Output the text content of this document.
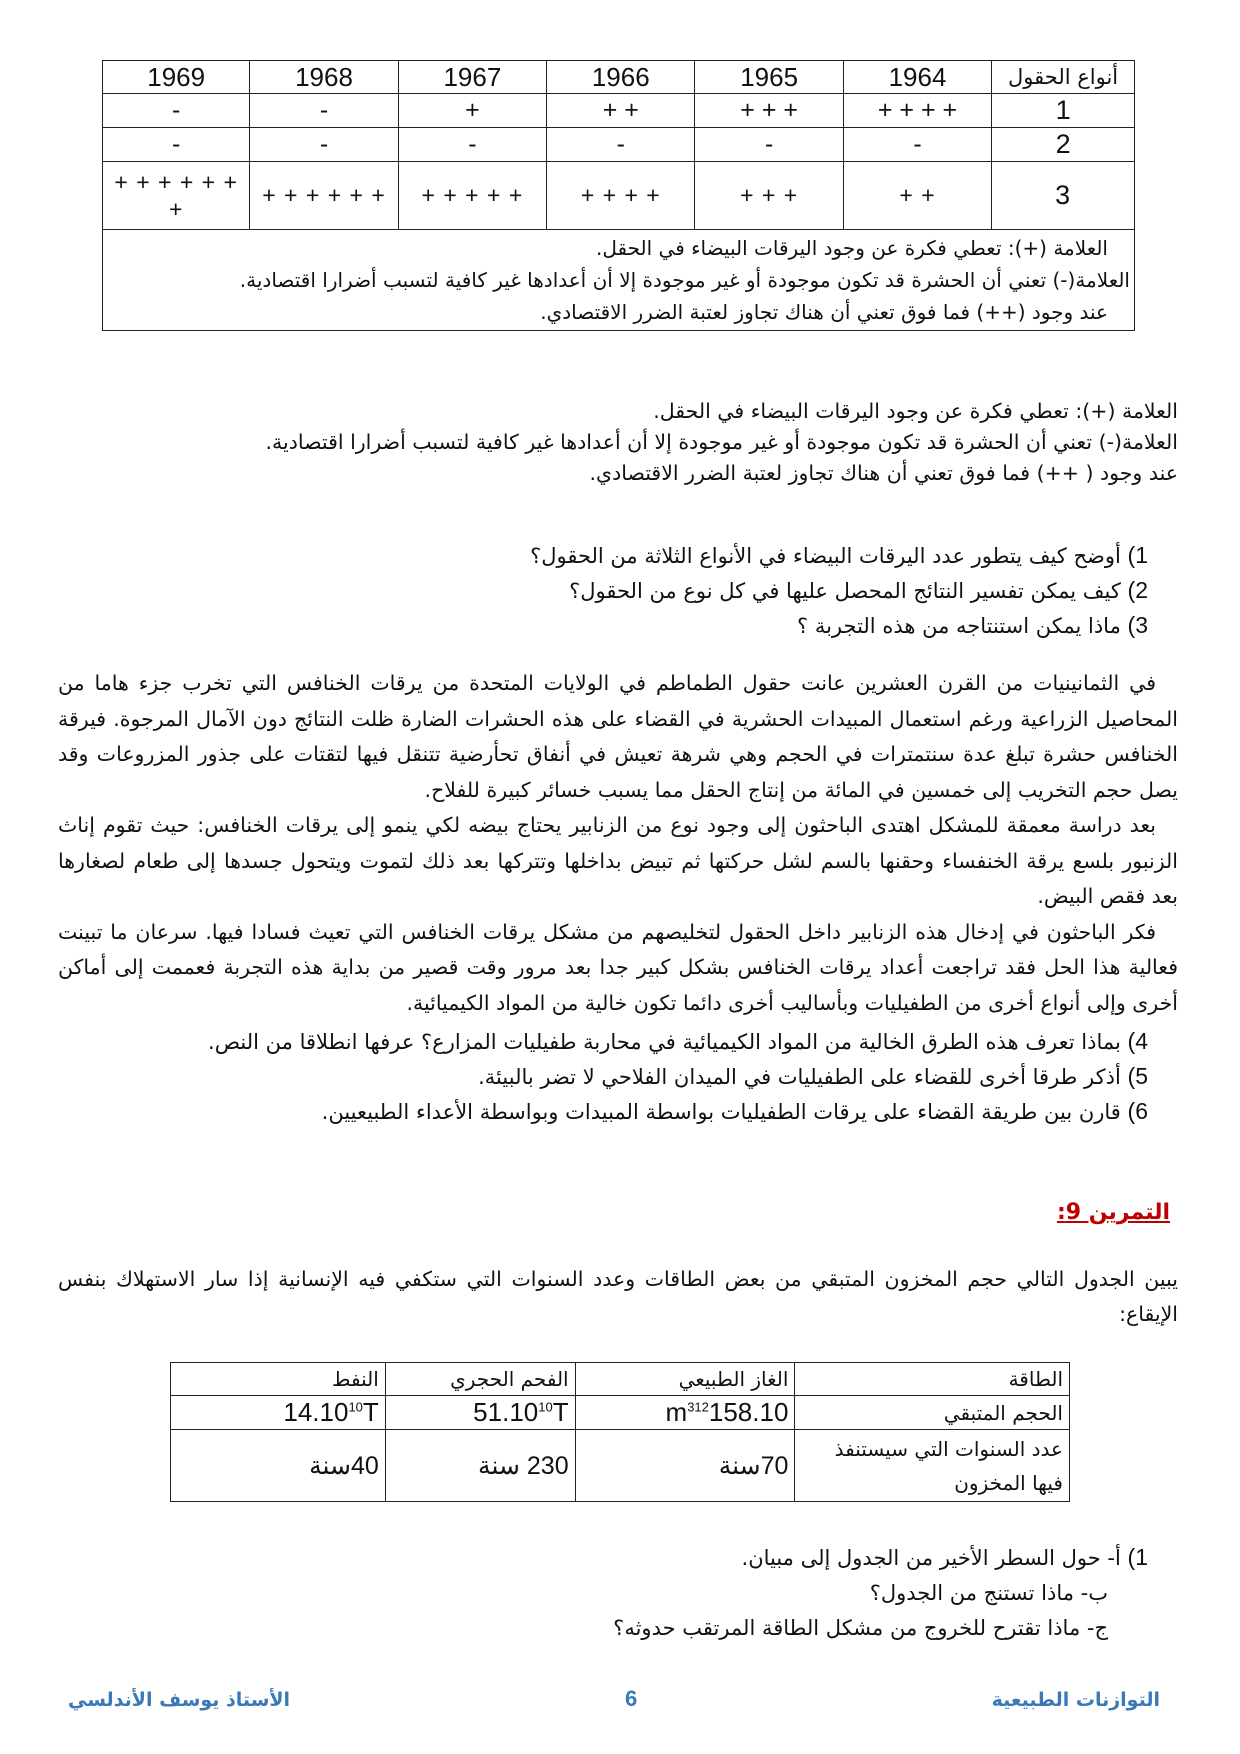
أنواع الحقول	1964	1965	1966	1967	1968	1969
1	+ + + +	+ + +	+ +	+	-	-
2	-	-	-	-	-	-
3	+ +	+ + +	+ + + +	+ + + + +	+ + + + + +	+ + + + + + +

العلامة (+): تعطي فكرة عن وجود اليرقات البيضاء في الحقل.

العلامة(-) تعني أن الحشرة قد تكون موجودة أو غير موجودة إلا أن أعدادها غير كافية لتسبب أضرارا اقتصادية.

عند وجود (++) فما فوق تعني أن هناك تجاوز لعتبة الضرر الاقتصادي.						

العلامة (+): تعطي فكرة عن وجود اليرقات البيضاء في الحقل.

العلامة(-) تعني أن الحشرة قد تكون موجودة أو غير موجودة إلا أن أعدادها غير كافية لتسبب أضرارا اقتصادية.

عند وجود ( ++) فما فوق تعني أن هناك تجاوز لعتبة الضرر الاقتصادي.

1) أوضح كيف يتطور عدد اليرقات البيضاء في الأنواع الثلاثة من الحقول؟
2) كيف يمكن تفسير النتائج المحصل عليها في كل نوع من الحقول؟
3) ماذا يمكن استنتاجه من هذه التجربة ؟

في الثمانينيات من القرن العشرين عانت حقول الطماطم في الولايات المتحدة من يرقات الخنافس التي تخرب جزء هاما من المحاصيل الزراعية ورغم استعمال المبيدات الحشرية في القضاء على هذه الحشرات الضارة ظلت النتائج دون الآمال المرجوة. فيرقة الخنافس حشرة تبلغ عدة سنتمترات في الحجم وهي شرهة تعيش في أنفاق تحأرضية تتنقل فيها لتقتات على جذور المزروعات وقد يصل حجم التخريب إلى خمسين في المائة من إنتاج الحقل مما يسبب خسائر كبيرة للفلاح.

بعد دراسة معمقة للمشكل اهتدى الباحثون إلى وجود نوع من الزنابير يحتاج بيضه لكي ينمو إلى يرقات الخنافس: حيث تقوم إناث الزنبور بلسع يرقة الخنفساء وحقنها بالسم لشل حركتها ثم تبيض بداخلها وتتركها بعد ذلك لتموت ويتحول جسدها إلى طعام لصغارها بعد فقص البيض.

فكر الباحثون في إدخال هذه الزنابير داخل الحقول لتخليصهم من مشكل يرقات الخنافس التي تعيث فسادا فيها. سرعان ما تبينت فعالية هذا الحل فقد تراجعت أعداد يرقات الخنافس بشكل كبير جدا بعد مرور وقت قصير من بداية هذه التجربة فعممت إلى أماكن أخرى وإلى أنواع أخرى من الطفيليات وبأساليب أخرى دائما تكون خالية من المواد الكيميائية.

4) بماذا تعرف هذه الطرق الخالية من المواد الكيميائية في محاربة طفيليات المزارع؟ عرفها انطلاقا من النص.
5) أذكر طرقا أخرى للقضاء على الطفيليات في الميدان الفلاحي لا تضر بالبيئة.
6) قارن بين طريقة القضاء على يرقات الطفيليات بواسطة المبيدات وبواسطة الأعداء الطبيعيين.
التمرين 9:
يبين الجدول التالي حجم المخزون المتبقي من بعض الطاقات وعدد السنوات التي ستكفي فيه الإنسانية إذا سار الاستهلاك بنفس الإيقاع:
الطاقة	الغاز الطبيعي	الفحم الحجري	النفط
الحجم المتبقي	$m^{312}158.10$	51.10$^{10}$T	14.10$^{10}$T
عدد السنوات التي سيستنفذ فيها المخزون	70سنة	230 سنة	40سنة
1) أ- حول السطر الأخير من الجدول إلى مبيان.
ب- ماذا تستنج من الجدول؟
ج- ماذا تقترح للخروج من مشكل الطاقة المرتقب حدوثه؟
التوازنات الطبيعية
6
الأستاذ يوسف الأندلسي
